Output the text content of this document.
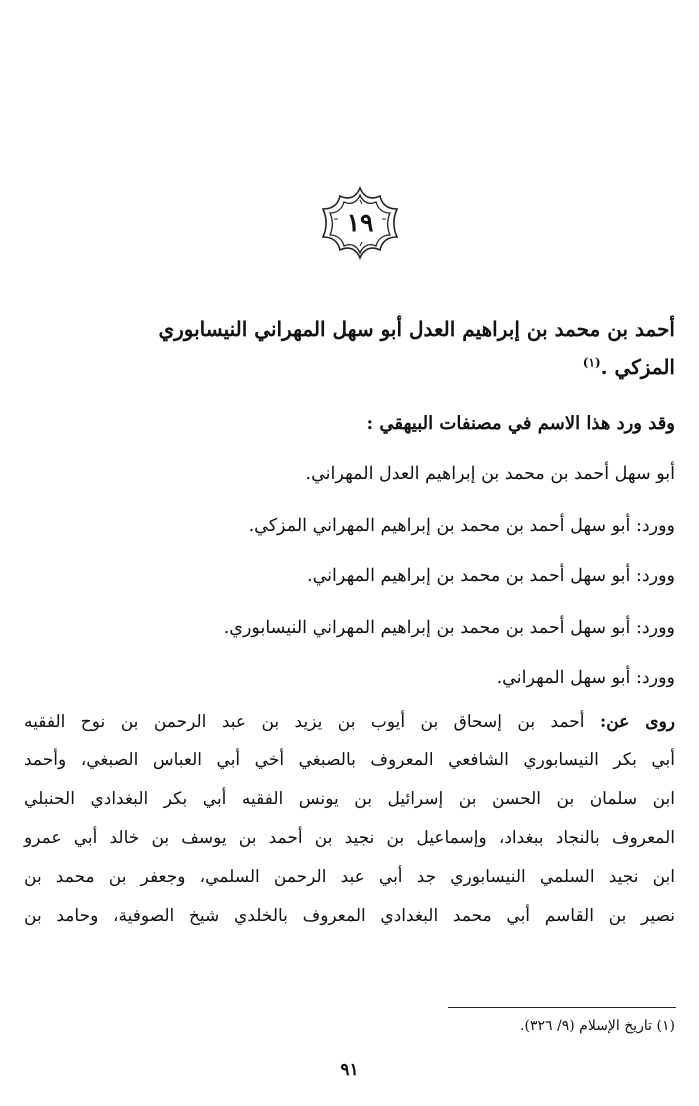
١٩
أحمد بن محمد بن إبراهيم العدل أبو سهل المهراني النيسابوري
المزكي .$^{(١)}$
وقد ورد هذا الاسم في مصنفات البيهقي :
أبو سهل أحمد بن محمد بن إبراهيم العدل المهراني.
وورد: أبو سهل أحمد بن محمد بن إبراهيم المهراني المزكي.
وورد: أبو سهل أحمد بن محمد بن إبراهيم المهراني.
وورد: أبو سهل أحمد بن محمد بن إبراهيم المهراني النيسابوري.
وورد: أبو سهل المهراني.
روى عن: أحمد بن إسحاق بن أيوب بن يزيد بن عبد الرحمن بن نوح الفقيه
أبي بكر النيسابوري الشافعي المعروف بالصبغي أخي أبي العباس الصبغي، وأحمد
ابن سلمان بن الحسن بن إسرائيل بن يونس الفقيه أبي بكر البغدادي الحنبلي
المعروف بالنجاد ببغداد، وإسماعيل بن نجيد بن أحمد بن يوسف بن خالد أبي عمرو
ابن نجيد السلمي النيسابوري جد أبي عبد الرحمن السلمي، وجعفر بن محمد بن
نصير بن القاسم أبي محمد البغدادي المعروف بالخلدي شيخ الصوفية، وحامد بن
(١) تاريخ الإسلام (٩/ ٣٢٦).
٩١
